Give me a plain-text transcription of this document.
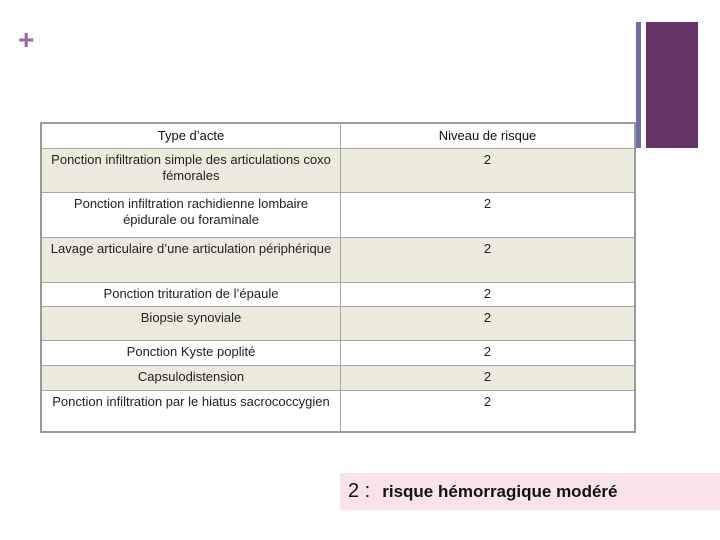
+
Type d’acte	Niveau de risque
Ponction infiltration simple des articulations coxo fémorales	2
Ponction infiltration rachidienne lombaire épidurale ou foraminale	2
Lavage articulaire d’une articulation périphérique	2
Ponction trituration de l’épaule	2
Biopsie synoviale	2
Ponction Kyste poplité	2
Capsulodistension	2
Ponction infiltration par le hiatus sacrococcygien	2
2 : risque hémorragique modéré
